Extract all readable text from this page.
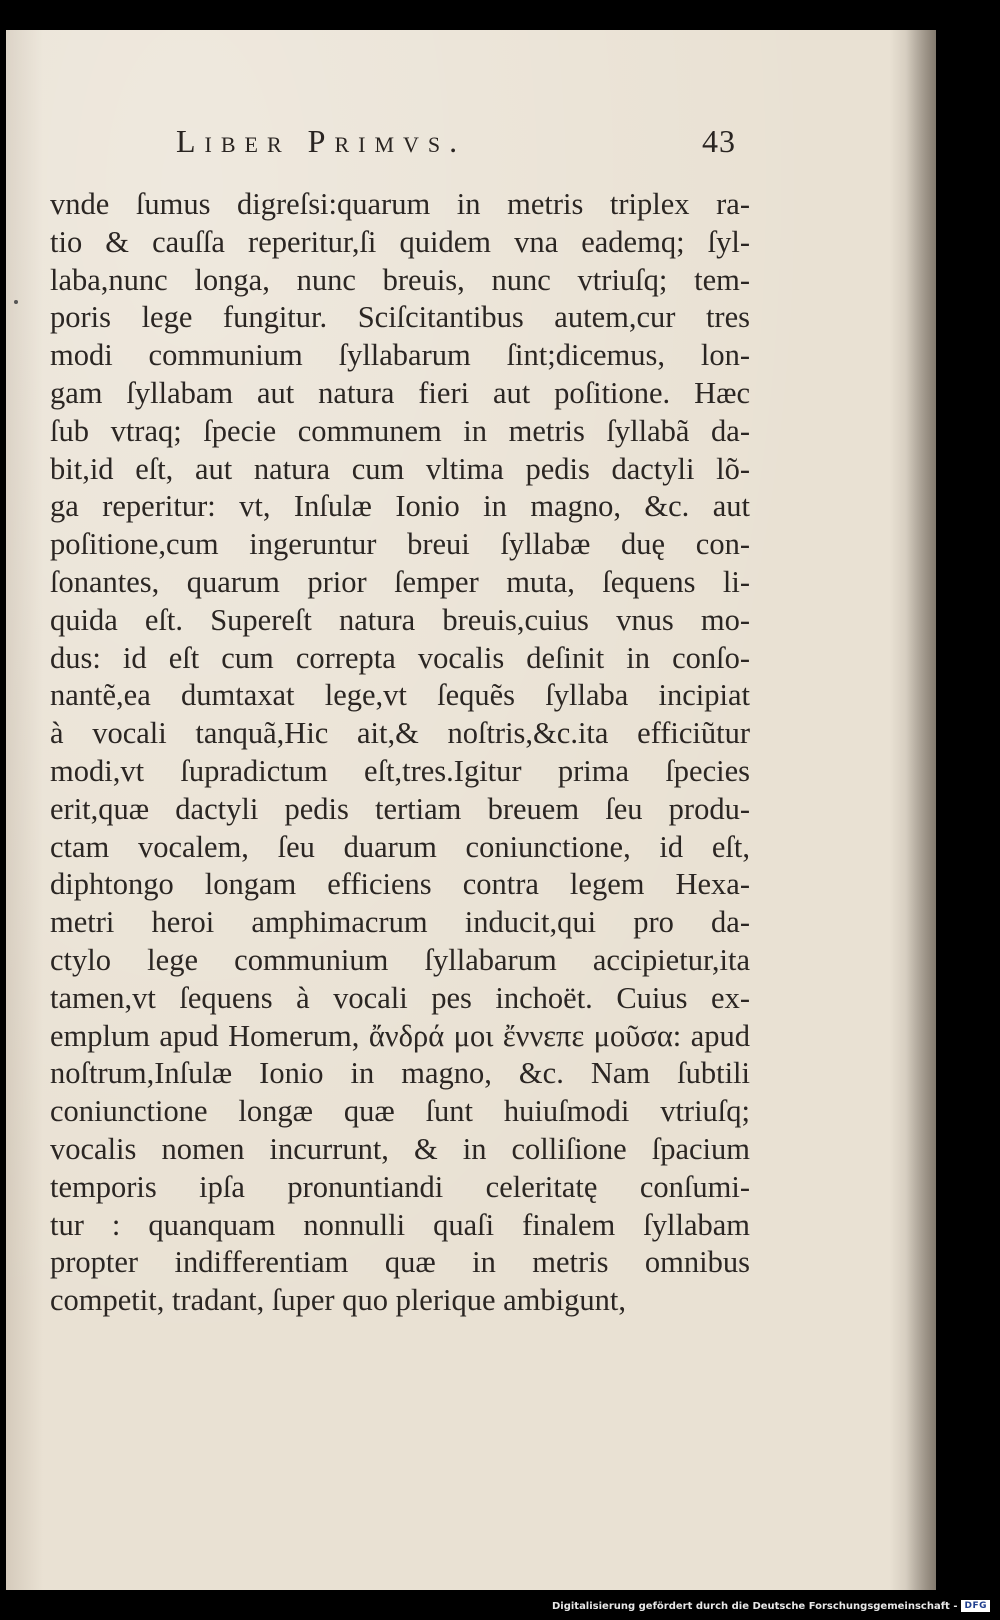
Liber Primvs.	43
vnde ſumus digreſsi:quarum in metris triplex ra-
tio & cauſſa reperitur,ſi quidem vna eademq; ſyl-
laba,nunc longa, nunc breuis, nunc vtriuſq; tem-
poris lege fungitur. Sciſcitantibus autem,cur tres
modi communium ſyllabarum ſint;dicemus, lon-
gam ſyllabam aut natura fieri aut poſitione. Hæc
ſub vtraq; ſpecie communem in metris ſyllabã da-
bit,id eſt, aut natura cum vltima pedis dactyli lõ-
ga reperitur: vt, Inſulæ Ionio in magno, &c. aut
poſitione,cum ingeruntur breui ſyllabæ duę con-
ſonantes, quarum prior ſemper muta, ſequens li-
quida eſt. Supereſt natura breuis,cuius vnus mo-
dus: id eſt cum correpta vocalis deſinit in conſo-
nantẽ,ea dumtaxat lege,vt ſequẽs ſyllaba incipiat
à vocali tanquã,Hic ait,& noſtris,&c.ita efficiũtur
modi,vt ſupradictum eſt,tres.Igitur prima ſpecies
erit,quæ dactyli pedis tertiam breuem ſeu produ-
ctam vocalem, ſeu duarum coniunctione, id eſt,
diphtongo longam efficiens contra legem Hexa-
metri heroi amphimacrum inducit,qui pro da-
ctylo lege communium ſyllabarum accipietur,ita
tamen,vt ſequens à vocali pes inchoët. Cuius ex-
emplum apud Homerum, ἄνδρά μοι ἔννεπε μοῦσα: apud
noſtrum,Inſulæ Ionio in magno, &c. Nam ſubtili
coniunctione longæ quæ ſunt huiuſmodi vtriuſq;
vocalis nomen incurrunt, & in colliſione ſpacium
temporis ipſa pronuntiandi celeritatę conſumi-
tur : quanquam nonnulli quaſi finalem ſyllabam
propter indifferentiam quæ in metris omnibus
competit, tradant, ſuper quo plerique ambigunt,
Digitalisierung gefördert durch die Deutsche Forschungsgemeinschaft - DFG
